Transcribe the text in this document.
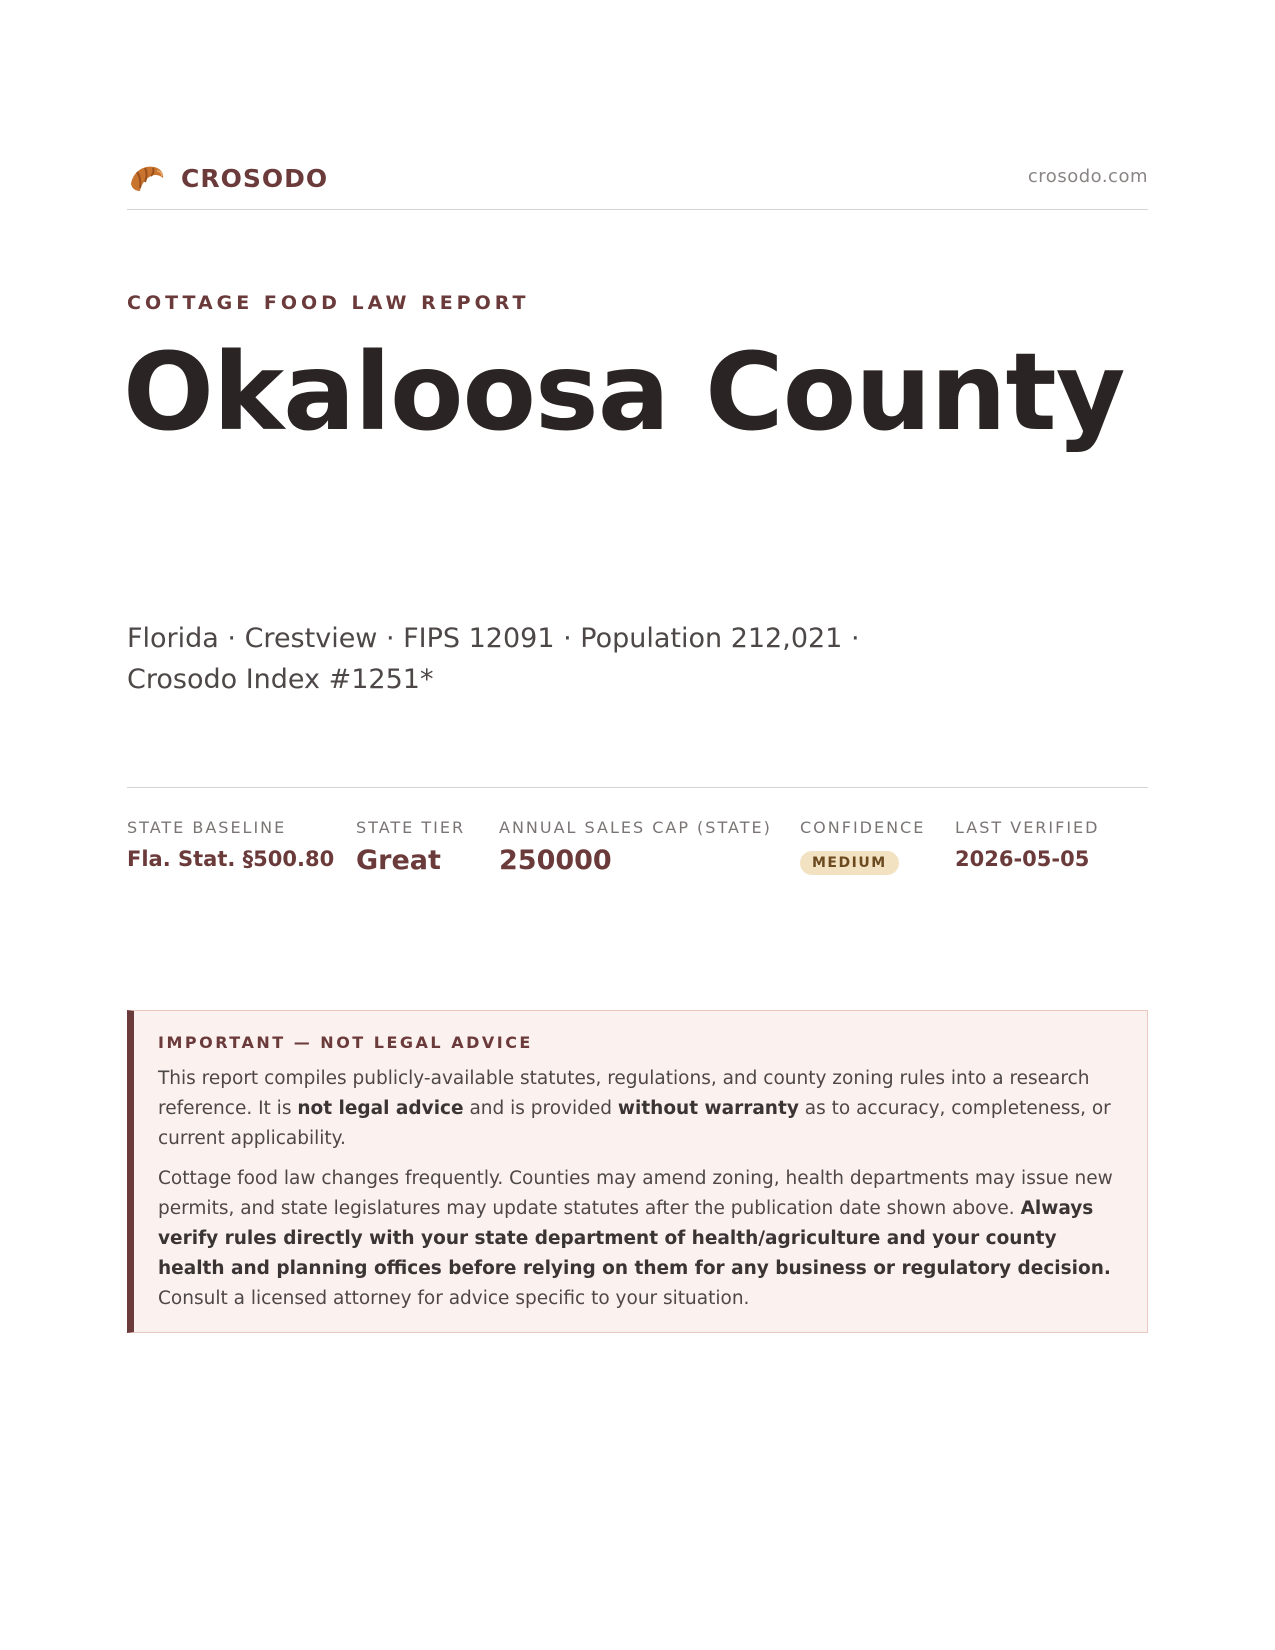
CROSODO	crosodo.com
COTTAGE FOOD LAW REPORT
Okaloosa County
Florida · Crestview · FIPS 12091 · Population 212,021 · Crosodo Index #1251*
STATE BASELINE
Fla. Stat. §500.80
STATE TIER
Great
ANNUAL SALES CAP (STATE)
250000
CONFIDENCE
MEDIUM
LAST VERIFIED
2026-05-05
IMPORTANT — NOT LEGAL ADVICE

This report compiles publicly-available statutes, regulations, and county zoning rules into a research reference. It is not legal advice and is provided without warranty as to accuracy, completeness, or current applicability.

Cottage food law changes frequently. Counties may amend zoning, health departments may issue new permits, and state legislatures may update statutes after the publication date shown above. Always verify rules directly with your state department of health/agriculture and your county health and planning offices before relying on them for any business or regulatory decision. Consult a licensed attorney for advice specific to your situation.
